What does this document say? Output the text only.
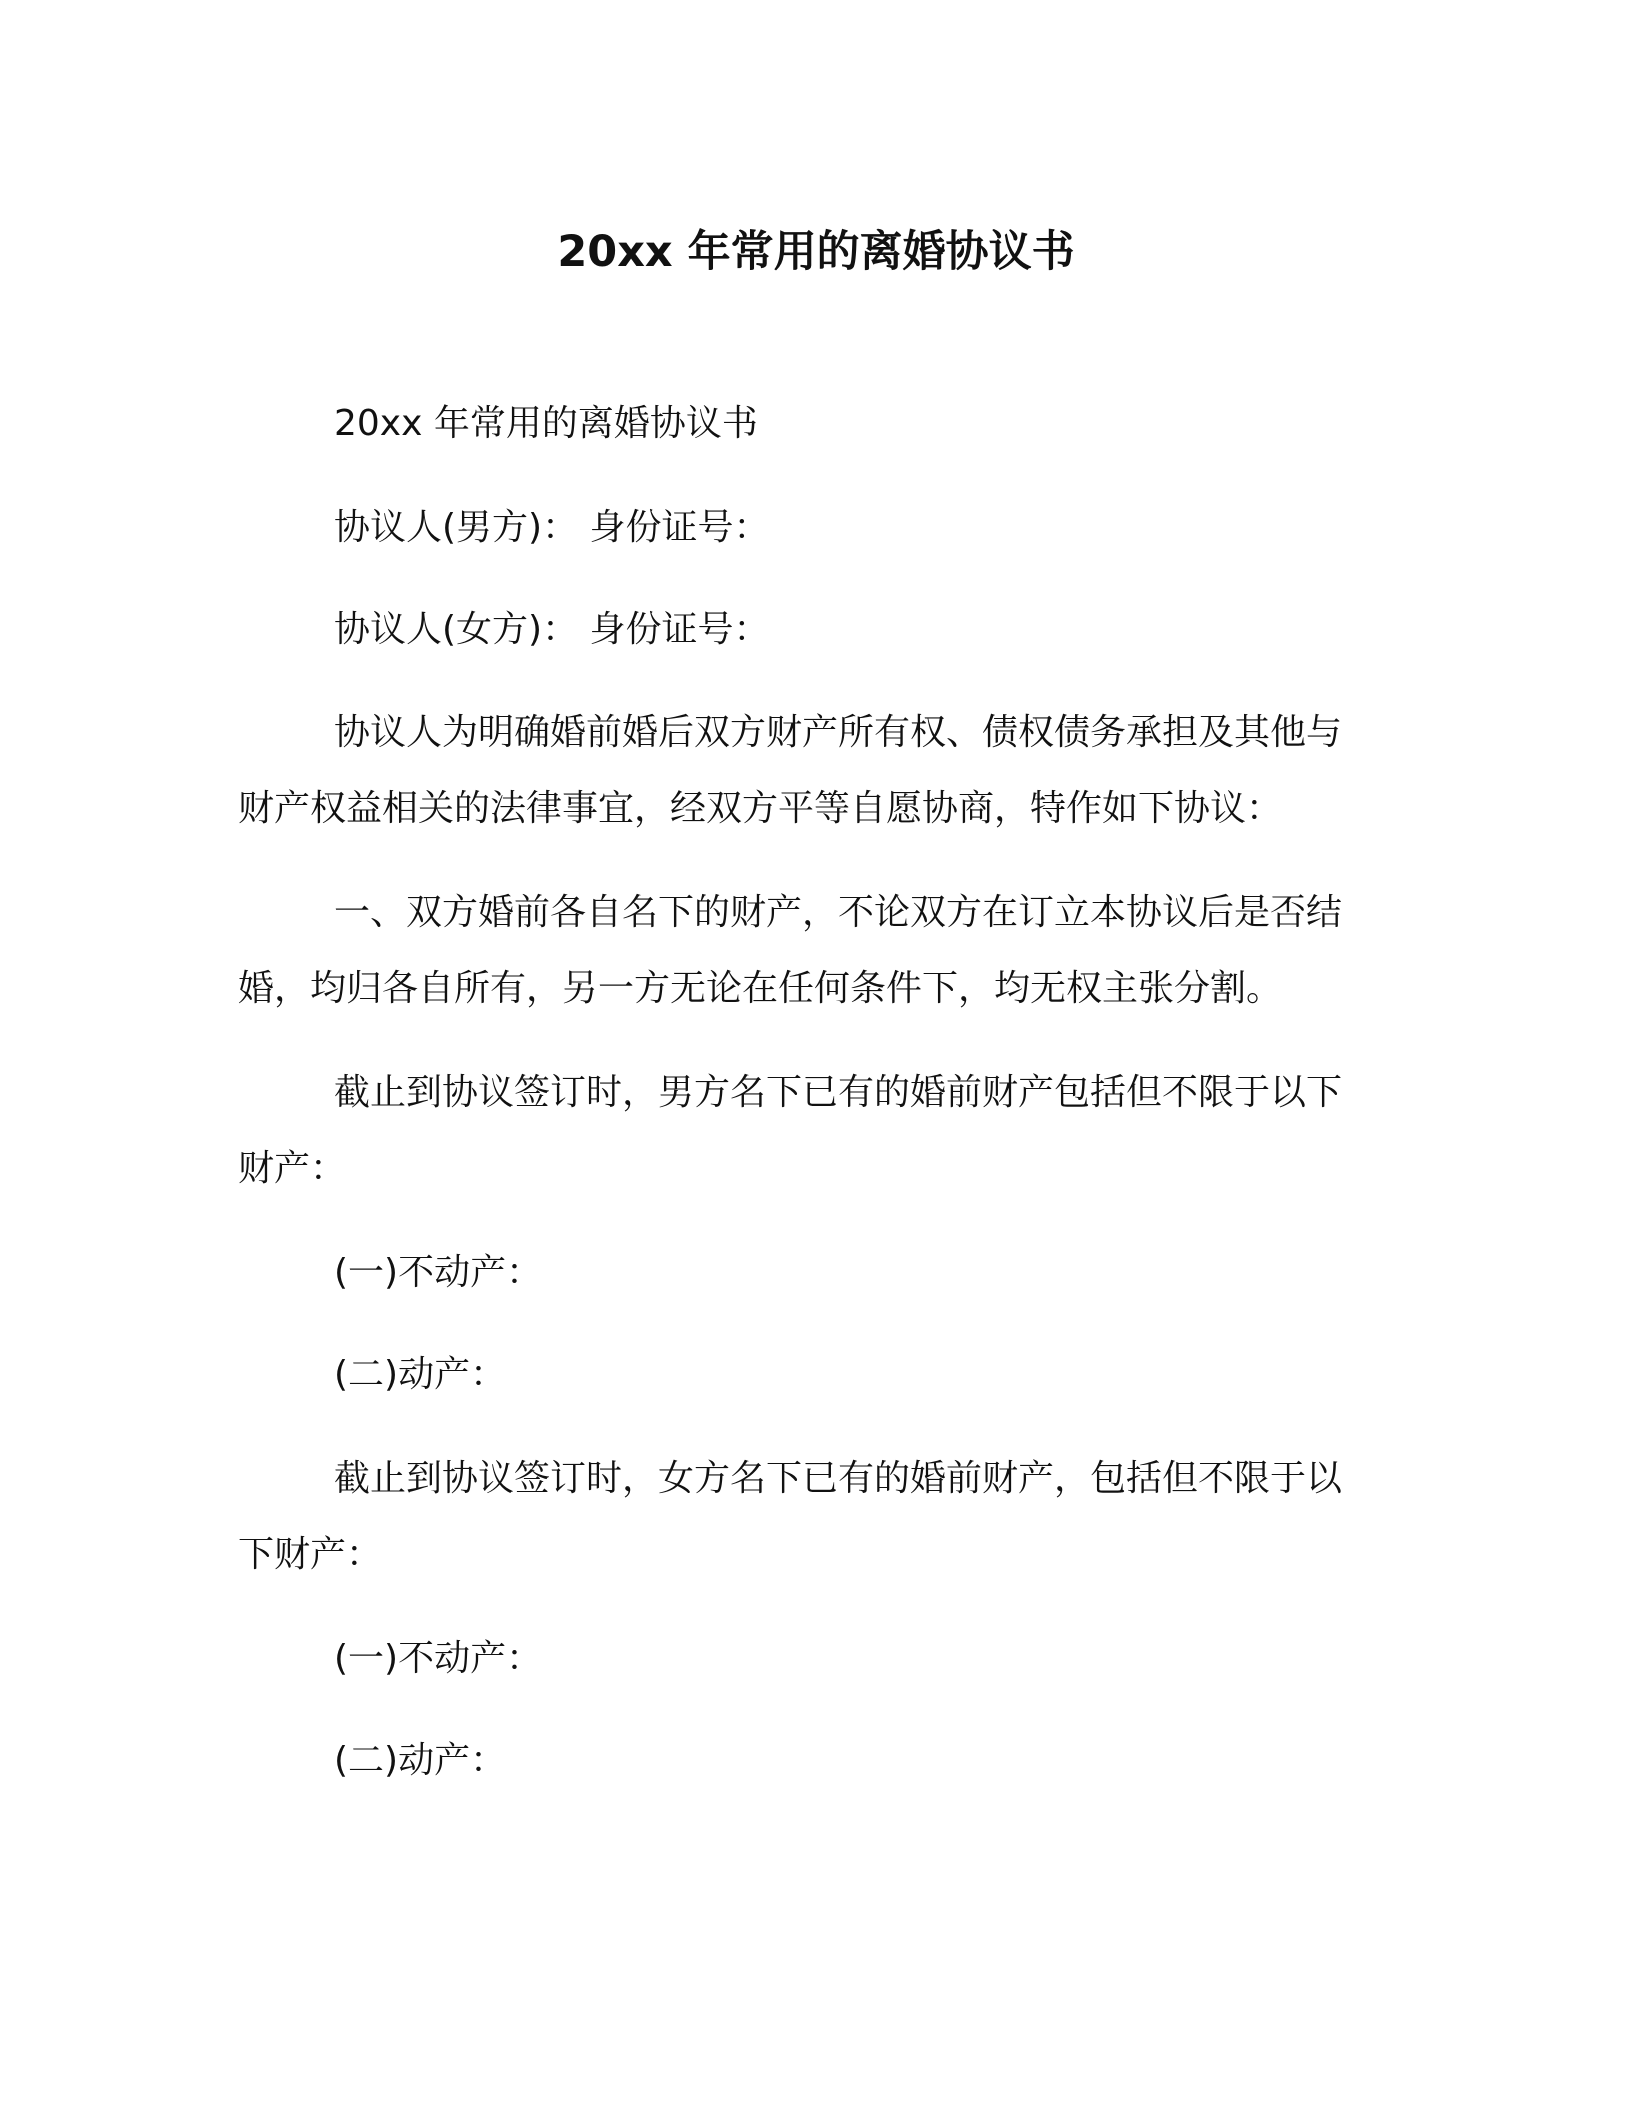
20xx 年常用的离婚协议书

20xx 年常用的离婚协议书

协议人(男方)： 身份证号：

协议人(女方)： 身份证号：

协议人为明确婚前婚后双方财产所有权、债权债务承担及其他与

财产权益相关的法律事宜，经双方平等自愿协商，特作如下协议：

一、双方婚前各自名下的财产，不论双方在订立本协议后是否结

婚，均归各自所有，另一方无论在任何条件下，均无权主张分割。

截止到协议签订时，男方名下已有的婚前财产包括但不限于以下

财产：

(一)不动产：

(二)动产：

截止到协议签订时，女方名下已有的婚前财产，包括但不限于以

下财产：

(一)不动产：

(二)动产：
